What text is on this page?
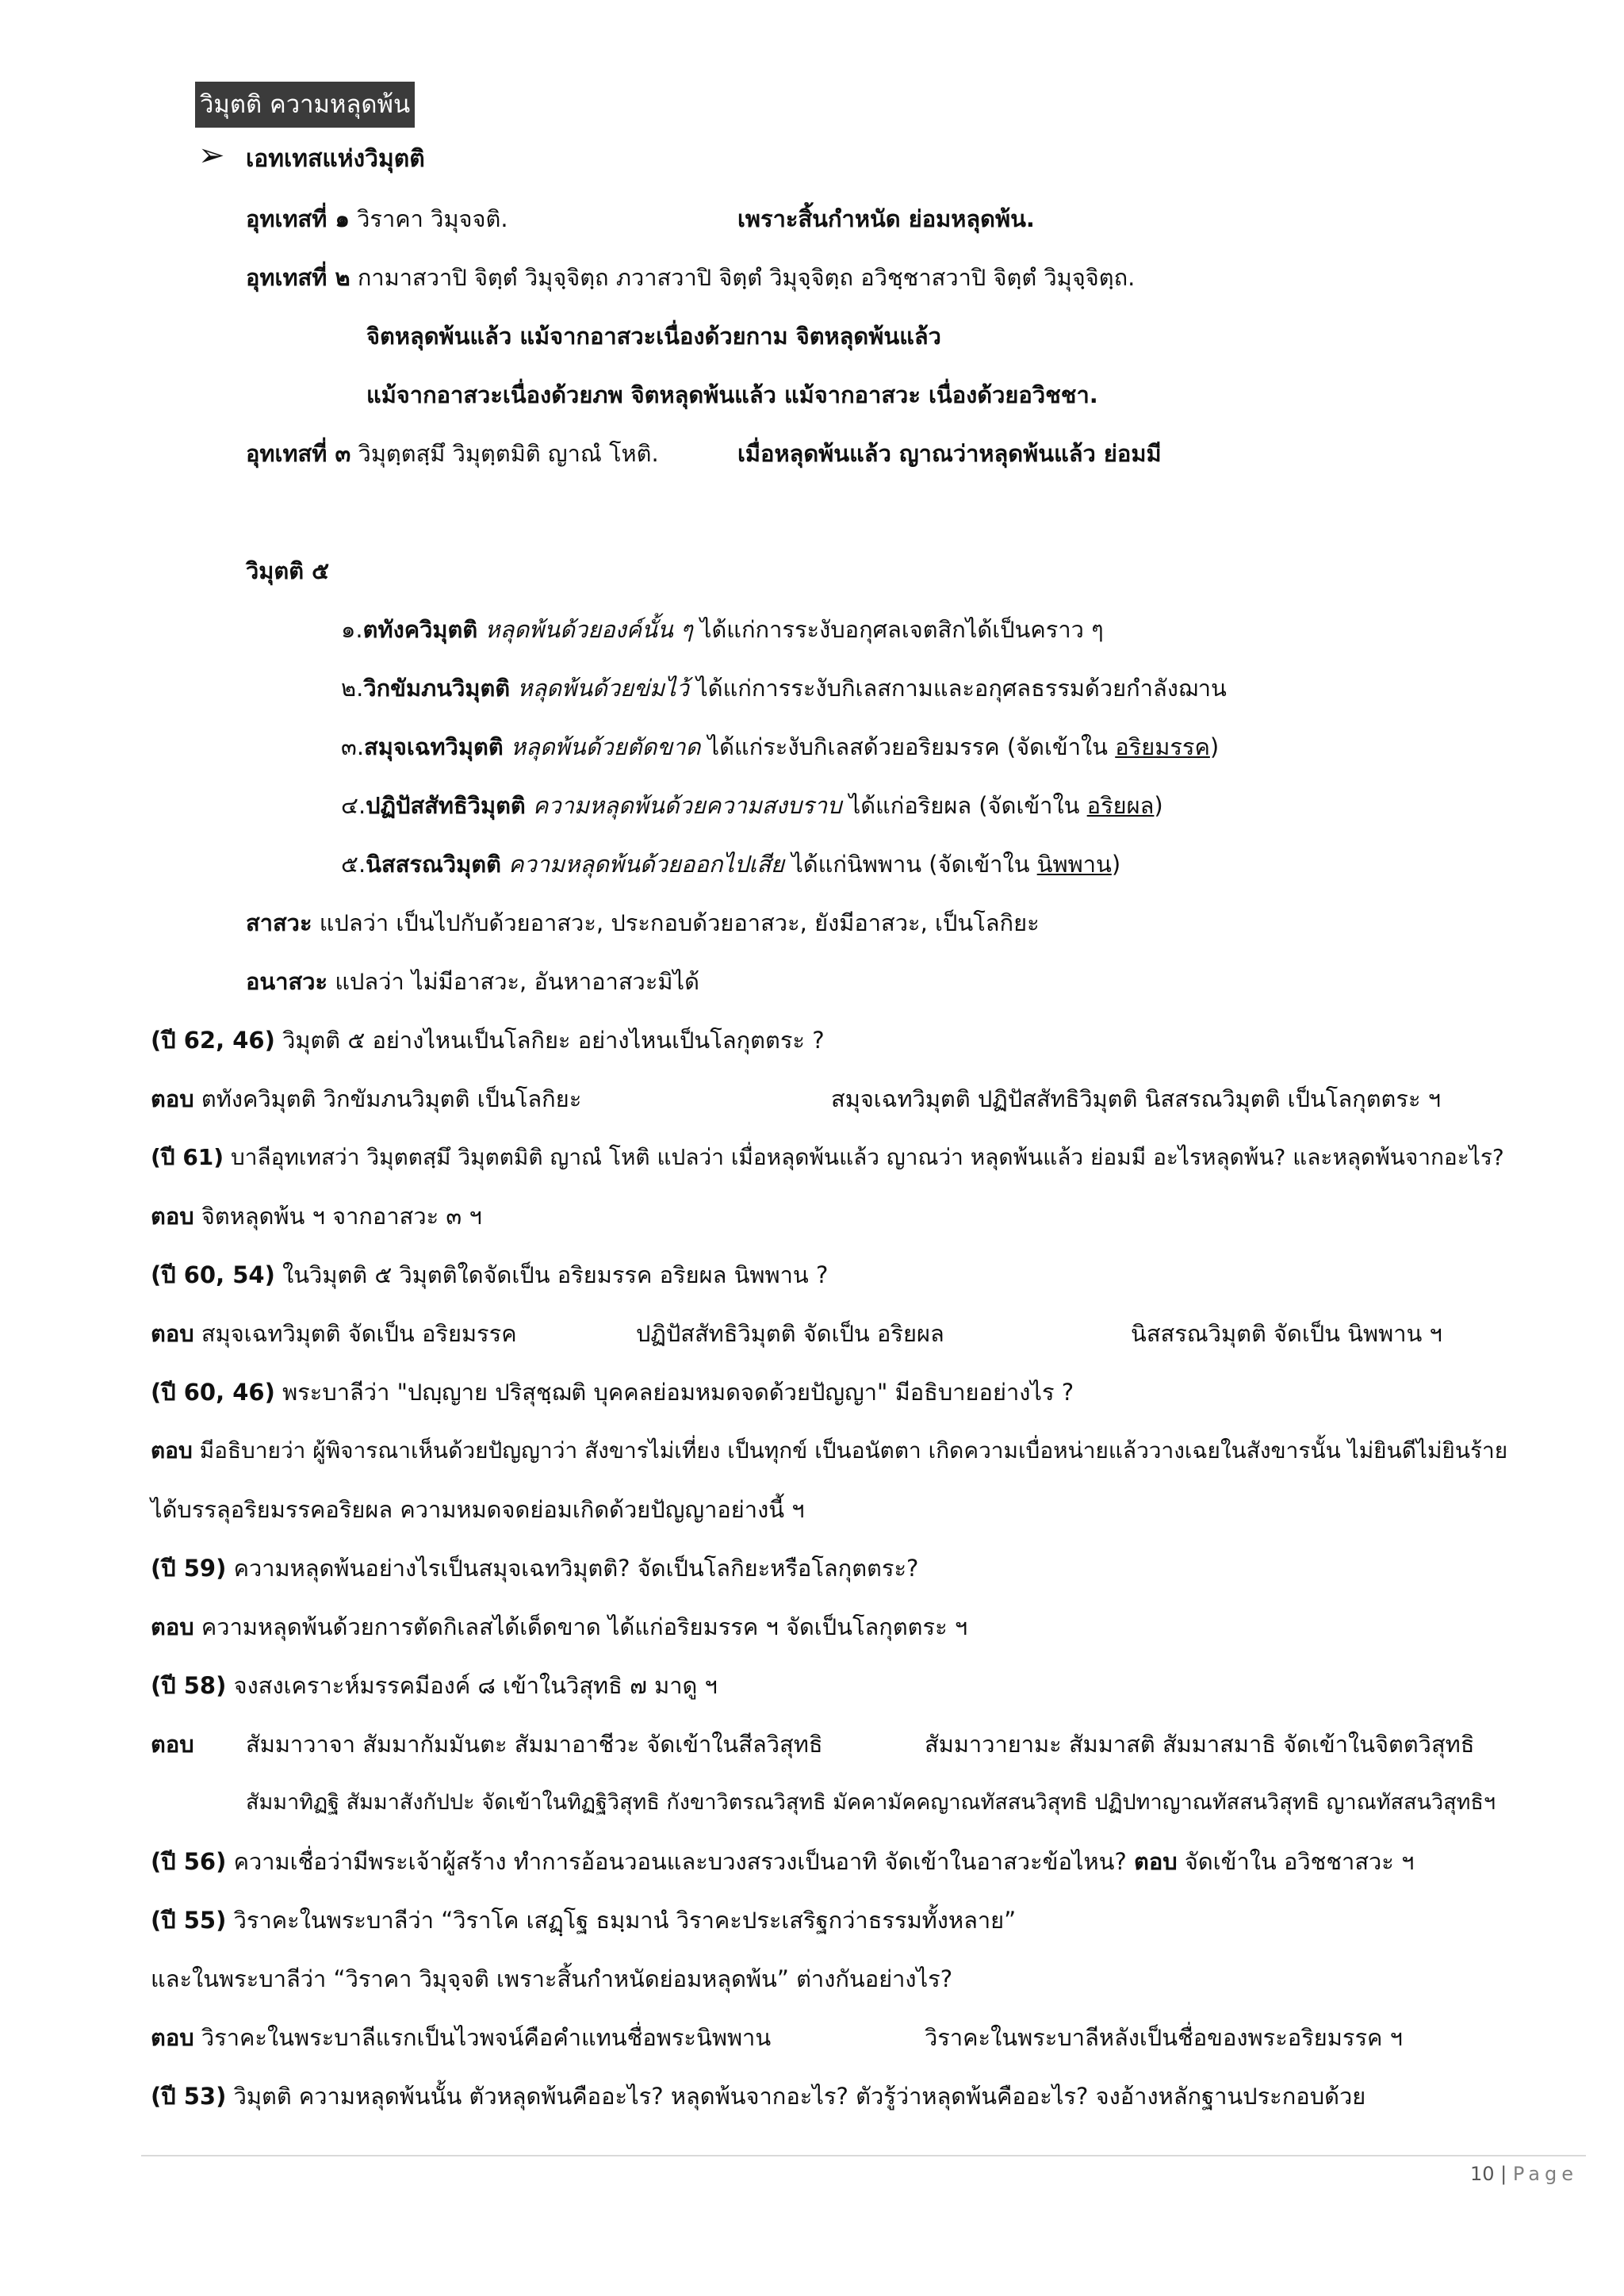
วิมุตติ ความหลุดพ้น
➢ เอทเทสแห่งวิมุตติ
อุทเทสที่ ๑ วิราคา วิมุจจติ.	เพราะสิ้นกำหนัด ย่อมหลุดพ้น.
อุทเทสที่ ๒ กามาสวาปิ จิตฺตํ วิมุจฺจิตฺถ ภวาสวาปิ จิตฺตํ วิมุจฺจิตฺถ อวิชฺชาสวาปิ จิตฺตํ วิมุจฺจิตฺถ.
จิตหลุดพ้นแล้ว แม้จากอาสวะเนื่องด้วยกาม จิตหลุดพ้นแล้ว
แม้จากอาสวะเนื่องด้วยภพ จิตหลุดพ้นแล้ว แม้จากอาสวะ เนื่องด้วยอวิชชา.
อุทเทสที่ ๓ วิมุตฺตสฺมึ วิมุตฺตมิติ ญาณํ โหติ.	เมื่อหลุดพ้นแล้ว ญาณว่าหลุดพ้นแล้ว ย่อมมี
วิมุตติ ๕
๑.ตทังควิมุตติ หลุดพ้นด้วยองค์นั้น ๆ ได้แก่การระงับอกุศลเจตสิกได้เป็นคราว ๆ
๒.วิกขัมภนวิมุตติ หลุดพ้นด้วยข่มไว้ ได้แก่การระงับกิเลสกามและอกุศลธรรมด้วยกำลังฌาน
๓.สมุจเฉทวิมุตติ หลุดพ้นด้วยตัดขาด ได้แก่ระงับกิเลสด้วยอริยมรรค (จัดเข้าใน อริยมรรค)
๔.ปฏิปัสสัทธิวิมุตติ ความหลุดพ้นด้วยความสงบราบ ได้แก่อริยผล (จัดเข้าใน อริยผล)
๕.นิสสรณวิมุตติ ความหลุดพ้นด้วยออกไปเสีย ได้แก่นิพพาน (จัดเข้าใน นิพพาน)
สาสวะ แปลว่า เป็นไปกับด้วยอาสวะ, ประกอบด้วยอาสวะ, ยังมีอาสวะ, เป็นโลกิยะ
อนาสวะ แปลว่า ไม่มีอาสวะ, อันหาอาสวะมิได้
(ปี 62, 46) วิมุตติ ๕ อย่างไหนเป็นโลกิยะ อย่างไหนเป็นโลกุตตระ ?
ตอบ ตทังควิมุตติ วิกขัมภนวิมุตติ เป็นโลกิยะ	สมุจเฉทวิมุตติ ปฏิปัสสัทธิวิมุตติ นิสสรณวิมุตติ เป็นโลกุตตระ ฯ
(ปี 61) บาลีอุทเทสว่า วิมุตตสฺมึ วิมุตตมิติ ญาณํ โหติ แปลว่า เมื่อหลุดพ้นแล้ว ญาณว่า หลุดพ้นแล้ว ย่อมมี อะไรหลุดพ้น? และหลุดพ้นจากอะไร?
ตอบ จิตหลุดพ้น ฯ จากอาสวะ ๓ ฯ
(ปี 60, 54) ในวิมุตติ ๕ วิมุตติใดจัดเป็น อริยมรรค อริยผล นิพพาน ?
ตอบ สมุจเฉทวิมุตติ จัดเป็น อริยมรรค	ปฏิปัสสัทธิวิมุตติ จัดเป็น อริยผล	นิสสรณวิมุตติ จัดเป็น นิพพาน ฯ
(ปี 60, 46) พระบาลีว่า "ปญฺญาย ปริสุชฺฌติ บุคคลย่อมหมดจดด้วยปัญญา" มีอธิบายอย่างไร ?
ตอบ มีอธิบายว่า ผู้พิจารณาเห็นด้วยปัญญาว่า สังขารไม่เที่ยง เป็นทุกข์ เป็นอนัตตา เกิดความเบื่อหน่ายแล้ววางเฉยในสังขารนั้น ไม่ยินดีไม่ยินร้าย
ได้บรรลุอริยมรรคอริยผล ความหมดจดย่อมเกิดด้วยปัญญาอย่างนี้ ฯ
(ปี 59) ความหลุดพ้นอย่างไรเป็นสมุจเฉทวิมุตติ? จัดเป็นโลกิยะหรือโลกุตตระ?
ตอบ ความหลุดพ้นด้วยการตัดกิเลสได้เด็ดขาด ได้แก่อริยมรรค ฯ จัดเป็นโลกุตตระ ฯ
(ปี 58) จงสงเคราะห์มรรคมีองค์ ๘ เข้าในวิสุทธิ ๗ มาดู ฯ
ตอบ สัมมาวาจา สัมมากัมมันตะ สัมมาอาชีวะ จัดเข้าในสีลวิสุทธิ	สัมมาวายามะ สัมมาสติ สัมมาสมาธิ จัดเข้าในจิตตวิสุทธิ
สัมมาทิฏฐิ สัมมาสังกัปปะ จัดเข้าในทิฏฐิวิสุทธิ กังขาวิตรณวิสุทธิ มัคคามัคคญาณทัสสนวิสุทธิ ปฏิปทาญาณทัสสนวิสุทธิ ญาณทัสสนวิสุทธิฯ
(ปี 56) ความเชื่อว่ามีพระเจ้าผู้สร้าง ทำการอ้อนวอนและบวงสรวงเป็นอาทิ จัดเข้าในอาสวะข้อไหน? ตอบ จัดเข้าใน อวิชชาสวะ ฯ
(ปี 55) วิราคะในพระบาลีว่า “วิราโค เสฏฺโฐ ธมฺมานํ วิราคะประเสริฐกว่าธรรมทั้งหลาย”
และในพระบาลีว่า “วิราคา วิมุจฺจติ เพราะสิ้นกำหนัดย่อมหลุดพ้น” ต่างกันอย่างไร?
ตอบ วิราคะในพระบาลีแรกเป็นไวพจน์คือคำแทนชื่อพระนิพพาน	วิราคะในพระบาลีหลังเป็นชื่อของพระอริยมรรค ฯ
(ปี 53) วิมุตติ ความหลุดพ้นนั้น ตัวหลุดพ้นคืออะไร? หลุดพ้นจากอะไร? ตัวรู้ว่าหลุดพ้นคืออะไร? จงอ้างหลักฐานประกอบด้วย
10 | Page
